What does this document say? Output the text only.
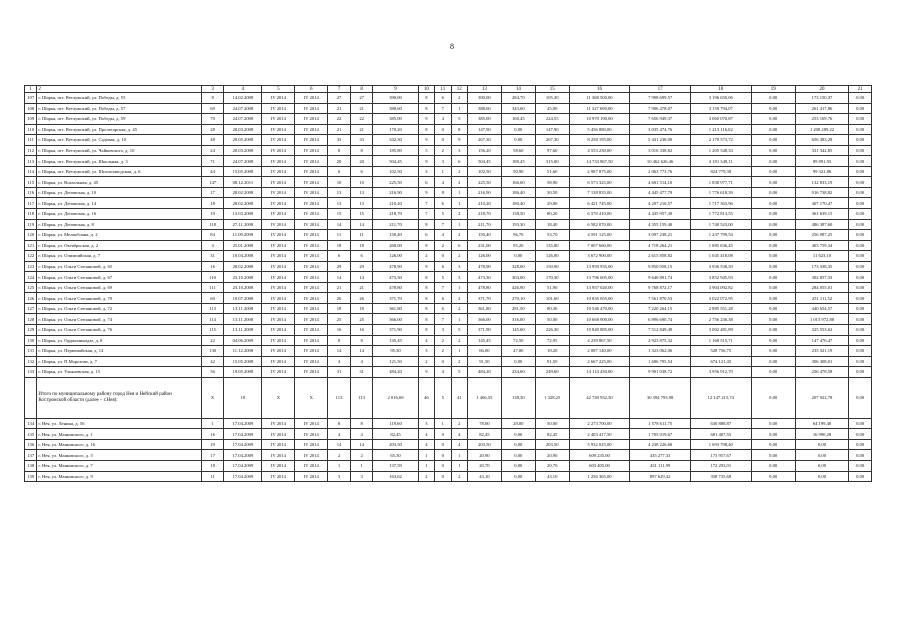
8
1	2	3	4	5	6	7	8	9	10	11	12	13	14	15	16	17	18	19	20	21
107	г. Шарья, пгт. Ветлужский, ул. Победы, д. 55	8	14.02.2008	IV 2014	IV 2014	27	27	390,00	8	6	2	390,00	284,70	105,30	11 368 500,00	7 998 699,57	3 196 650,06	0,00	173 150,37	0,00
108	г. Шарья, пгт. Ветлужский, ул. Победы, д. 57	69	24.07.2008	IV 2014	IV 2014	21	21	388,60	8	7	1	388,60	343,60	45,00	11 327 690,00	7 906 478,07	3 159 794,07	0,00	261 417,86	0,00
109	г. Шарья, пгт. Ветлужский, ул. Победы, д. 59	70	24.07.2008	IV 2014	IV 2014	22	22	385,00	9	4	5	385,00	160,45	224,55	10 970 190,00	7 656 949,37	3 060 070,87	0,00	253 169,76	0,00
110	г. Шарья, пгт. Ветлужский, ул. Пролетарская, д. 45	28	20.03.2008	IV 2014	IV 2014	21	21	170,20	8	0	8	147,90	0,00	147,90	5 456 880,00	3 035 474,76	1 213 116,02	0,00	1 208 289,22	0,00
111	г. Шарья, пгт. Ветлужский, ул. Садовая, д. 10	48	29.05.2008	IV 2014	IV 2014	33	33	342,30	9	0	9	267,30	0,00	267,30	8 258 195,00	5 431 238,00	2 170 573,72	0,00	656 383,28	0,00
112	г. Шарья, пгт. Ветлужский, ул. Чайковского, д. 10	24	20.03.2008	IV 2014	IV 2014	8	8	185,80	5	2	3	156,20	58,60	97,60	4 553 230,00	3 016 338,82	1 205 548,33	0,00	331 342,85	0,00
113	г. Шарья, пгт. Ветлужский, ул. Школьная, д. 3	71	24.07.2008	IV 2014	IV 2014	20	20	504,45	9	3	6	504,45	189,45	315,00	14 733 867,50	10 462 626,46	4 181 349,11	0,00	89 891,93	0,00
114	г. Шарья, пгт. Ветлужский, ул. Шпалозаводская, д. 6	44	15.05.2008	IV 2014	IV 2014	6	6	102,50	3	1	2	102,50	50,90	51,60	2 987 875,00	2 063 773,76	824 779,38	0,00	99 321,86	0,00
115	г. Шарья, ул. Вокзальная, д. 45	147	08.12.2011	IV 2014	IV 2014	10	10	225,50	6	4	2	225,50	166,60	58,90	6 573 325,00	4 601 514,10	1 838 977,71	0,00	132 833,19	0,00
116	г. Шарья, ул. Деповская, д. 10	17	28.02.2008	IV 2014	IV 2014	13	13	216,90	9	8	1	216,90	186,40	30,50	7 138 835,00	4 445 477,79	1 776 618,39	0,00	916 738,82	0,00
117	г. Шарья, ул. Деповская, д. 14	18	28.02.2008	IV 2014	IV 2014	13	13	210,20	7	6	1	210,20	180,40	29,80	6 421 745,00	4 297 210,57	1 717 363,96	0,00	407 170,47	0,00
118	г. Шарья, ул. Деповская, д. 16	19	13.03.2008	IV 2014	IV 2014	15	15	218,70	7	5	2	218,70	138,50	80,20	6 570 410,00	4 435 957,30	1 772 813,55	0,00	361 639,15	0,00
119	г. Шарья, ул. Деповская, д. 8	118	27.11.2008	IV 2014	IV 2014	14	14	211,70	8	7	1	211,70	193,30	18,40	6 582 070,00	4 355 159,40	1 740 523,00	0,00	486 387,60	0,00
120	г. Шарья, ул. Мелиоблана, д. 2	84	11.09.2008	IV 2014	IV 2014	11	11	150,40	6	4	2	150,40	96,70	53,70	4 591 125,00	3 097 238,21	1 237 799,54	0,00	256 087,25	0,00
121	г. Шарья, ул. Октябрьская, д. 2	4	25.01.2008	IV 2014	IV 2014	18	18	268,00	8	2	6	231,00	95,20	135,80	7 007 660,00	4 718 264,21	1 885 636,45	0,00	403 759,34	0,00
122	г. Шарья, ул. Олимпийская, д. 7	31	10.04.2008	IV 2014	IV 2014	6	6	126,00	2	0	2	126,00	0,00	126,00	3 672 900,00	2 615 858,82	1 045 418,08	0,00	11 623,10	0,00
123	г. Шарья, ул. Ольги Степановой, д. 65	16	28.02.2008	IV 2014	IV 2014	29	29	478,90	9	6	3	478,90	328,00	150,90	13 959 935,00	9 850 058,15	3 936 538,50	0,00	173 338,35	0,00
124	г. Шарья, ул. Ольги Степановой, д. 67	110	23.10.2008	IV 2014	IV 2014	14	14	473,30	8	5	3	473,30	303,00	170,30	13 796 695,00	9 640 891,74	3 852 945,93	0,00	302 857,33	0,00
125	г. Шарья, ул. Ольги Степановой, д. 69	111	23.10.2008	IV 2014	IV 2014	21	21	478,80	8	7	1	478,80	426,90	51,90	13 957 020,00	9 768 872,17	3 904 092,82	0,00	284 055,01	0,00
126	г. Шарья, ул. Ольги Степановой, д. 70	60	10.07.2008	IV 2014	IV 2014	26	26	371,70	8	6	2	371,70	270,10	101,60	10 835 055,00	7 561 870,53	3 022 072,95	0,00	251 111,52	0,00
127	г. Шарья, ул. Ольги Степановой, д. 72	113	13.11.2008	IV 2014	IV 2014	18	18	361,80	8	6	2	361,80	281,50	80,30	10 546 470,00	7 220 264,15	2 885 551,28	0,00	440 654,57	0,00
128	г. Шарья, ул. Ольги Степановой, д. 74	114	13.11.2008	IV 2014	IV 2014	25	25	366,00	8	7	1	366,00	316,00	50,00	10 668 900,00	6 896 690,74	2 756 236,38	0,00	1 015 972,88	0,00
129	г. Шарья, ул. Ольги Степановой, д. 76	115	13.11.2008	IV 2014	IV 2014	16	16	371,90	8	3	5	371,90	145,60	226,30	10 840 885,00	7 512 849,49	3 002 481,89	0,00	325 553,62	0,00
130	г. Шарья, ул. Орджоникидзе, д. 8	22	04.06.2009	IV 2014	IV 2014	8	8	145,45	4	2	2	145,45	72,50	72,95	4 239 867,50	2 923 875,32	1 168 515,71	0,00	147 476,47	0,00
131	г. Шарья, ул. Первомайская, д. 14	130	11.12.2008	IV 2014	IV 2014	14	14	95,30	3	2	1	66,00	47,80	18,20	2 087 140,00	1 323 062,06	528 756,75	0,00	235 321,19	0,00
132	г. Шарья, ул. П.Морозова, д. 7	42	15.05.2008	IV 2014	IV 2014	4	4	121,50	2	0	2	91,50	0,00	91,50	2 667 225,00	1 686 795,54	674 121,45	0,00	306 308,01	0,00
133	г. Шарья, ул. Ульяновская, д. 15	56	19.05.2008	IV 2014	IV 2014	31	31	484,20	9	4	5	484,20	234,60	249,60	14 114 430,00	9 901 038,72	3 956 912,70	0,00	256 478,58	0,00
	Итого по муниципальному району город Нея и Нейский район Костромской области (далее – г.Нея):	X	18	X	X	113	113	2 016,69	46	5	41	1 466,55	138,30	1 328,25	42 749 932,50	30 394 793,98	12 147 215,74	0,00	207 922,78	0,00
134	г. Нея, ул. Ленина, д. 56	1	17.04.2009	IV 2014	IV 2014	8	8	119,60	3	1	2	78,00	28,00	50,00	2 273 700,00	1 578 611,75	630 888,87	0,00	64 199,40	0,00
135	г. Нея, ул. Маяковского, д. 1	16	17.04.2009	IV 2014	IV 2014	4	4	82,45	4	0	4	82,45	0,00	82,45	2 403 417,50	1 705 019,67	681 407,55	0,00	16 990,28	0,00
136	г. Нея, ул. Маяковского, д. 16	19	17.04.2009	IV 2014	IV 2014	14	14	203,50	4	0	4	203,50	0,00	203,50	5 932 025,00	4 238 226,60	1 693 798,40	0,00	0,00	0,00
137	г. Нея, ул. Маяковского, д. 5	17	17.04.2009	IV 2014	IV 2014	2	2	65,30	1	0	1	20,90	0,00	20,90	609 235,00	435 277,33	173 957,67	0,00	0,00	0,00
138	г. Нея, ул. Маяковского, д. 7	18	17.04.2009	IV 2014	IV 2014	1	1	137,59	1	0	1	20,70	0,00	20,70	603 405,00	431 111,99	172 293,01	0,00	0,00	0,00
139	г. Нея, ул. Маяковского, д. 9	11	17.04.2009	IV 2014	IV 2014	3	3	163,62	2	0	2	43,10	0,00	43,10	1 256 365,00	897 629,32	358 735,68	0,00	0,00	0,00
